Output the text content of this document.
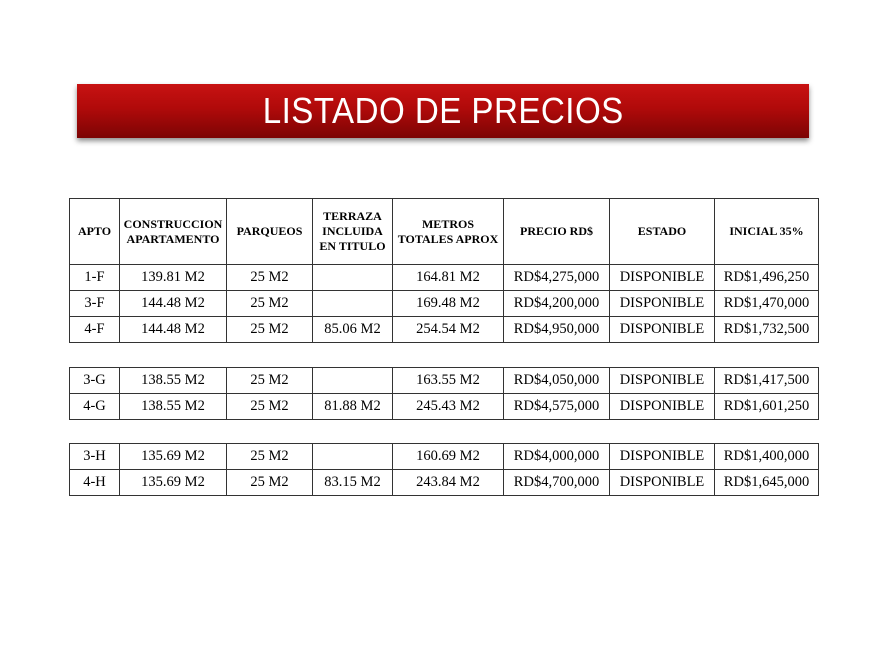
LISTADO DE PRECIOS
APTO	CONSTRUCCION APARTAMENTO	PARQUEOS	TERRAZA INCLUIDA EN TITULO	METROS TOTALES APROX	PRECIO RD$	ESTADO	INICIAL 35%
1-F	139.81 M2	25 M2		164.81 M2	RD$4,275,000	DISPONIBLE	RD$1,496,250
3-F	144.48 M2	25 M2		169.48 M2	RD$4,200,000	DISPONIBLE	RD$1,470,000
4-F	144.48 M2	25 M2	85.06 M2	254.54 M2	RD$4,950,000	DISPONIBLE	RD$1,732,500
3-G	138.55 M2	25 M2		163.55 M2	RD$4,050,000	DISPONIBLE	RD$1,417,500
4-G	138.55 M2	25 M2	81.88 M2	245.43 M2	RD$4,575,000	DISPONIBLE	RD$1,601,250
3-H	135.69 M2	25 M2		160.69 M2	RD$4,000,000	DISPONIBLE	RD$1,400,000
4-H	135.69 M2	25 M2	83.15 M2	243.84 M2	RD$4,700,000	DISPONIBLE	RD$1,645,000
